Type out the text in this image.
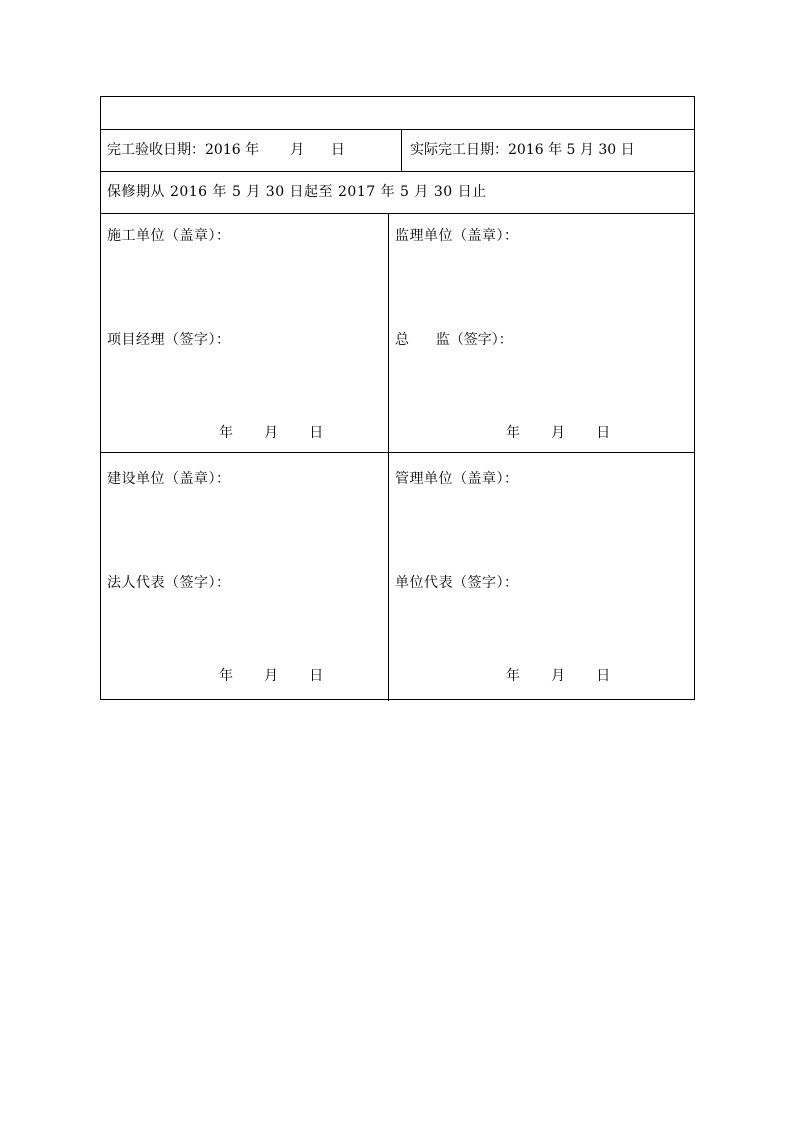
完工验收日期：2016 年       月      日	实际完工日期：2016 年 5 月 30 日
保修期从 2016 年 5 月 30 日起至 2017 年 5 月 30 日止
施工单位（盖章）：
项目经理（签字）：
年       月       日
监理单位（盖章）：
总      监（签字）：
年       月       日
建设单位（盖章）：
法人代表（签字）：
年       月       日
管理单位（盖章）：
单位代表（签字）：
年       月       日
